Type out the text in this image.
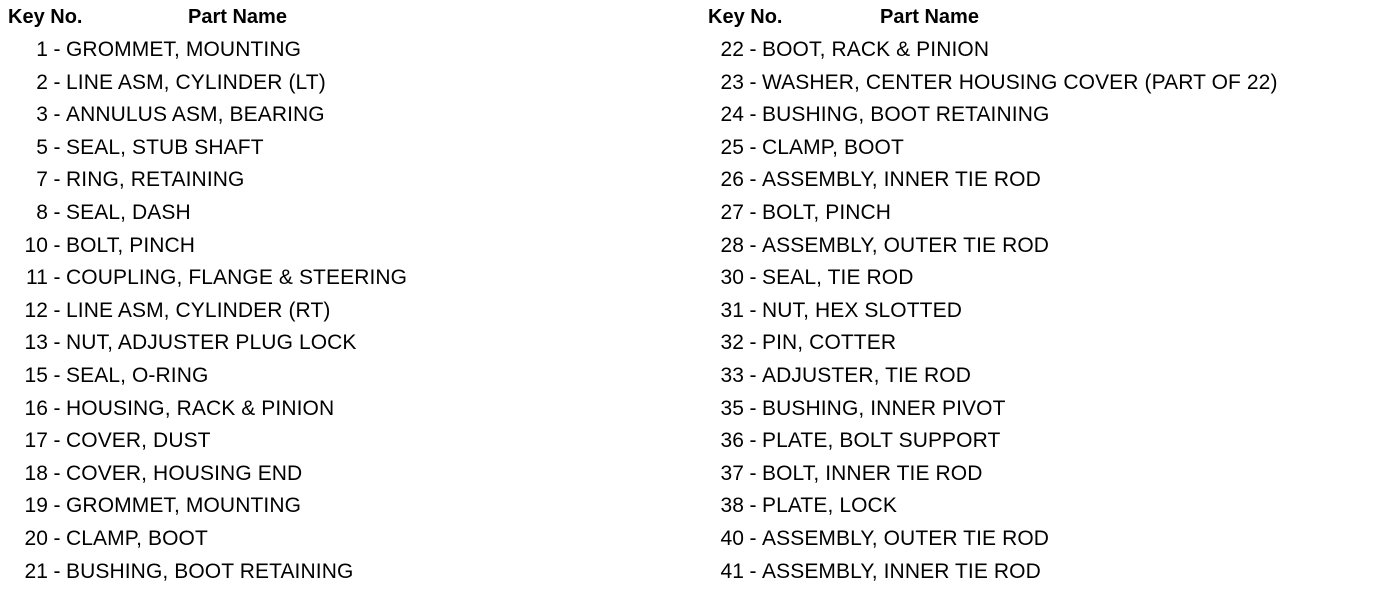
Key No.	Part Name
1 - GROMMET, MOUNTING
2 - LINE ASM, CYLINDER (LT)
3 - ANNULUS ASM, BEARING
5 - SEAL, STUB SHAFT
7 - RING, RETAINING
8 - SEAL, DASH
10 - BOLT, PINCH
11 - COUPLING, FLANGE & STEERING
12 - LINE ASM, CYLINDER (RT)
13 - NUT, ADJUSTER PLUG LOCK
15 - SEAL, O-RING
16 - HOUSING, RACK & PINION
17 - COVER, DUST
18 - COVER, HOUSING END
19 - GROMMET, MOUNTING
20 - CLAMP, BOOT
21 - BUSHING, BOOT RETAINING
Key No.	Part Name
22 - BOOT, RACK & PINION
23 - WASHER, CENTER HOUSING COVER (PART OF 22)
24 - BUSHING, BOOT RETAINING
25 - CLAMP, BOOT
26 - ASSEMBLY, INNER TIE ROD
27 - BOLT, PINCH
28 - ASSEMBLY, OUTER TIE ROD
30 - SEAL, TIE ROD
31 - NUT, HEX SLOTTED
32 - PIN, COTTER
33 - ADJUSTER, TIE ROD
35 - BUSHING, INNER PIVOT
36 - PLATE, BOLT SUPPORT
37 - BOLT, INNER TIE ROD
38 - PLATE, LOCK
40 - ASSEMBLY, OUTER TIE ROD
41 - ASSEMBLY, INNER TIE ROD
